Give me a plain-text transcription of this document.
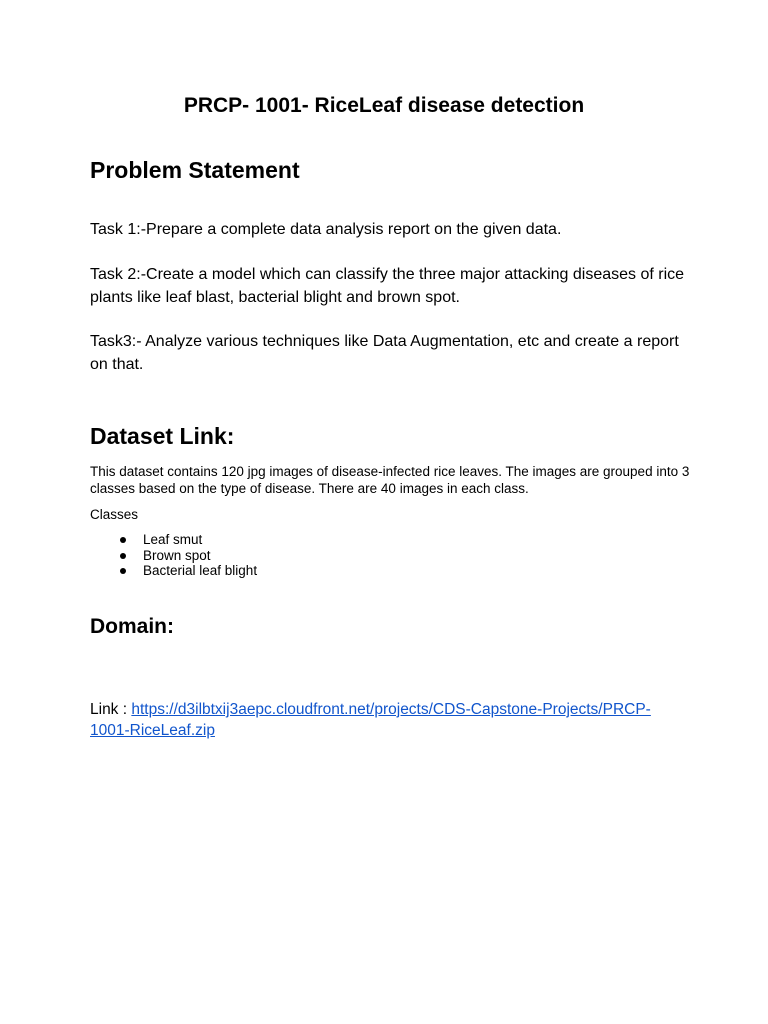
PRCP- 1001- RiceLeaf disease detection
Problem Statement

Task 1:-Prepare a complete data analysis report on the given data.

Task 2:-Create a model which can classify the three major attacking diseases of rice plants like leaf blast, bacterial blight and brown spot.

Task3:- Analyze various techniques like Data Augmentation, etc and create a report on that.

Dataset Link:

This dataset contains 120 jpg images of disease-infected rice leaves. The images are grouped into 3 classes based on the type of disease. There are 40 images in each class.

Classes

Leaf smut
Brown spot
Bacterial leaf blight
Domain:

Link : https://d3ilbtxij3aepc.cloudfront.net/projects/CDS-Capstone-Projects/PRCP-1001-RiceLeaf.zip
